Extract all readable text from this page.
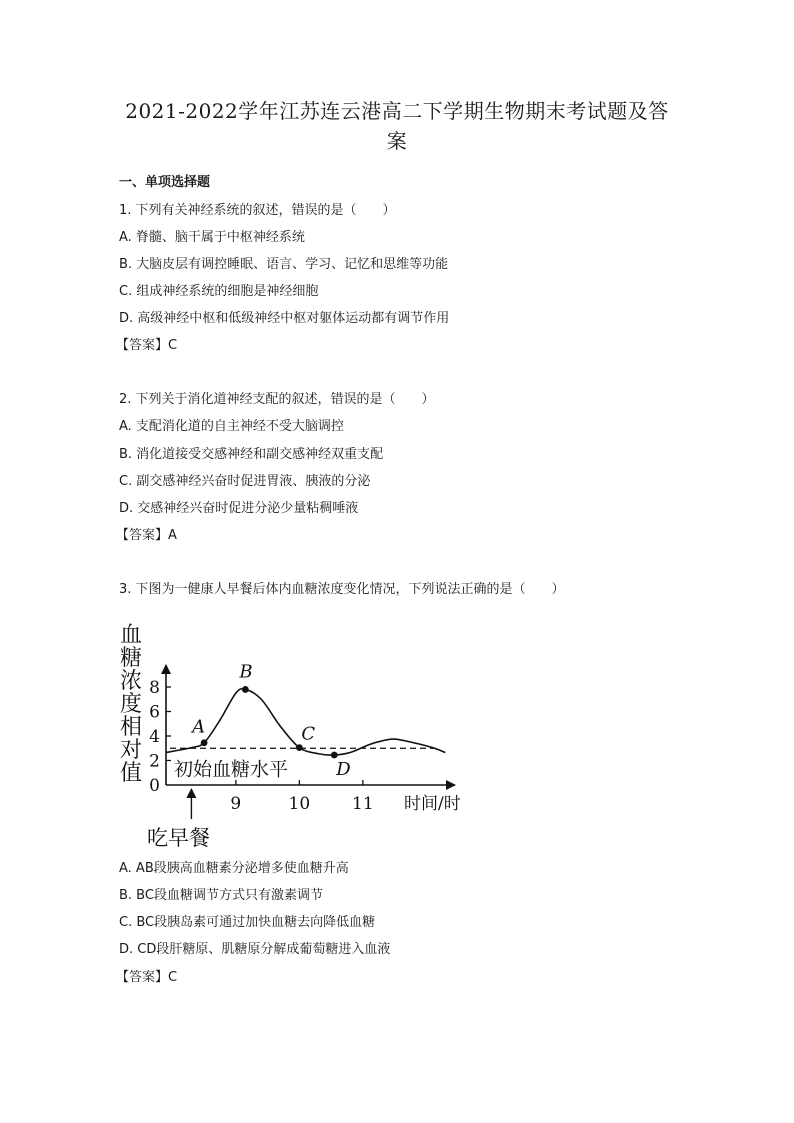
2021-2022学年江苏连云港高二下学期生物期末考试题及答
案
一、单项选择题
1. 下列有关神经系统的叙述，错误的是（　　）
A. 脊髓、脑干属于中枢神经系统
B. 大脑皮层有调控睡眠、语言、学习、记忆和思维等功能
C. 组成神经系统的细胞是神经细胞
D. 高级神经中枢和低级神经中枢对躯体运动都有调节作用
【答案】C
2. 下列关于消化道神经支配的叙述，错误的是（　　）
A. 支配消化道的自主神经不受大脑调控
B. 消化道接受交感神经和副交感神经双重支配
C. 副交感神经兴奋时促进胃液、胰液的分泌
D. 交感神经兴奋时促进分泌少量粘稠唾液
【答案】A
3. 下图为一健康人早餐后体内血糖浓度变化情况，下列说法正确的是（　　）
血
糖
浓
度
相
对
值 0
2
4
6
8
9	10 11 时间/时
初始血糖水平
A
B
C
D
吃早餐
A. AB段胰高血糖素分泌增多使血糖升高
B. BC段血糖调节方式只有激素调节
C. BC段胰岛素可通过加快血糖去向降低血糖
D. CD段肝糖原、肌糖原分解成葡萄糖进入血液
【答案】C
